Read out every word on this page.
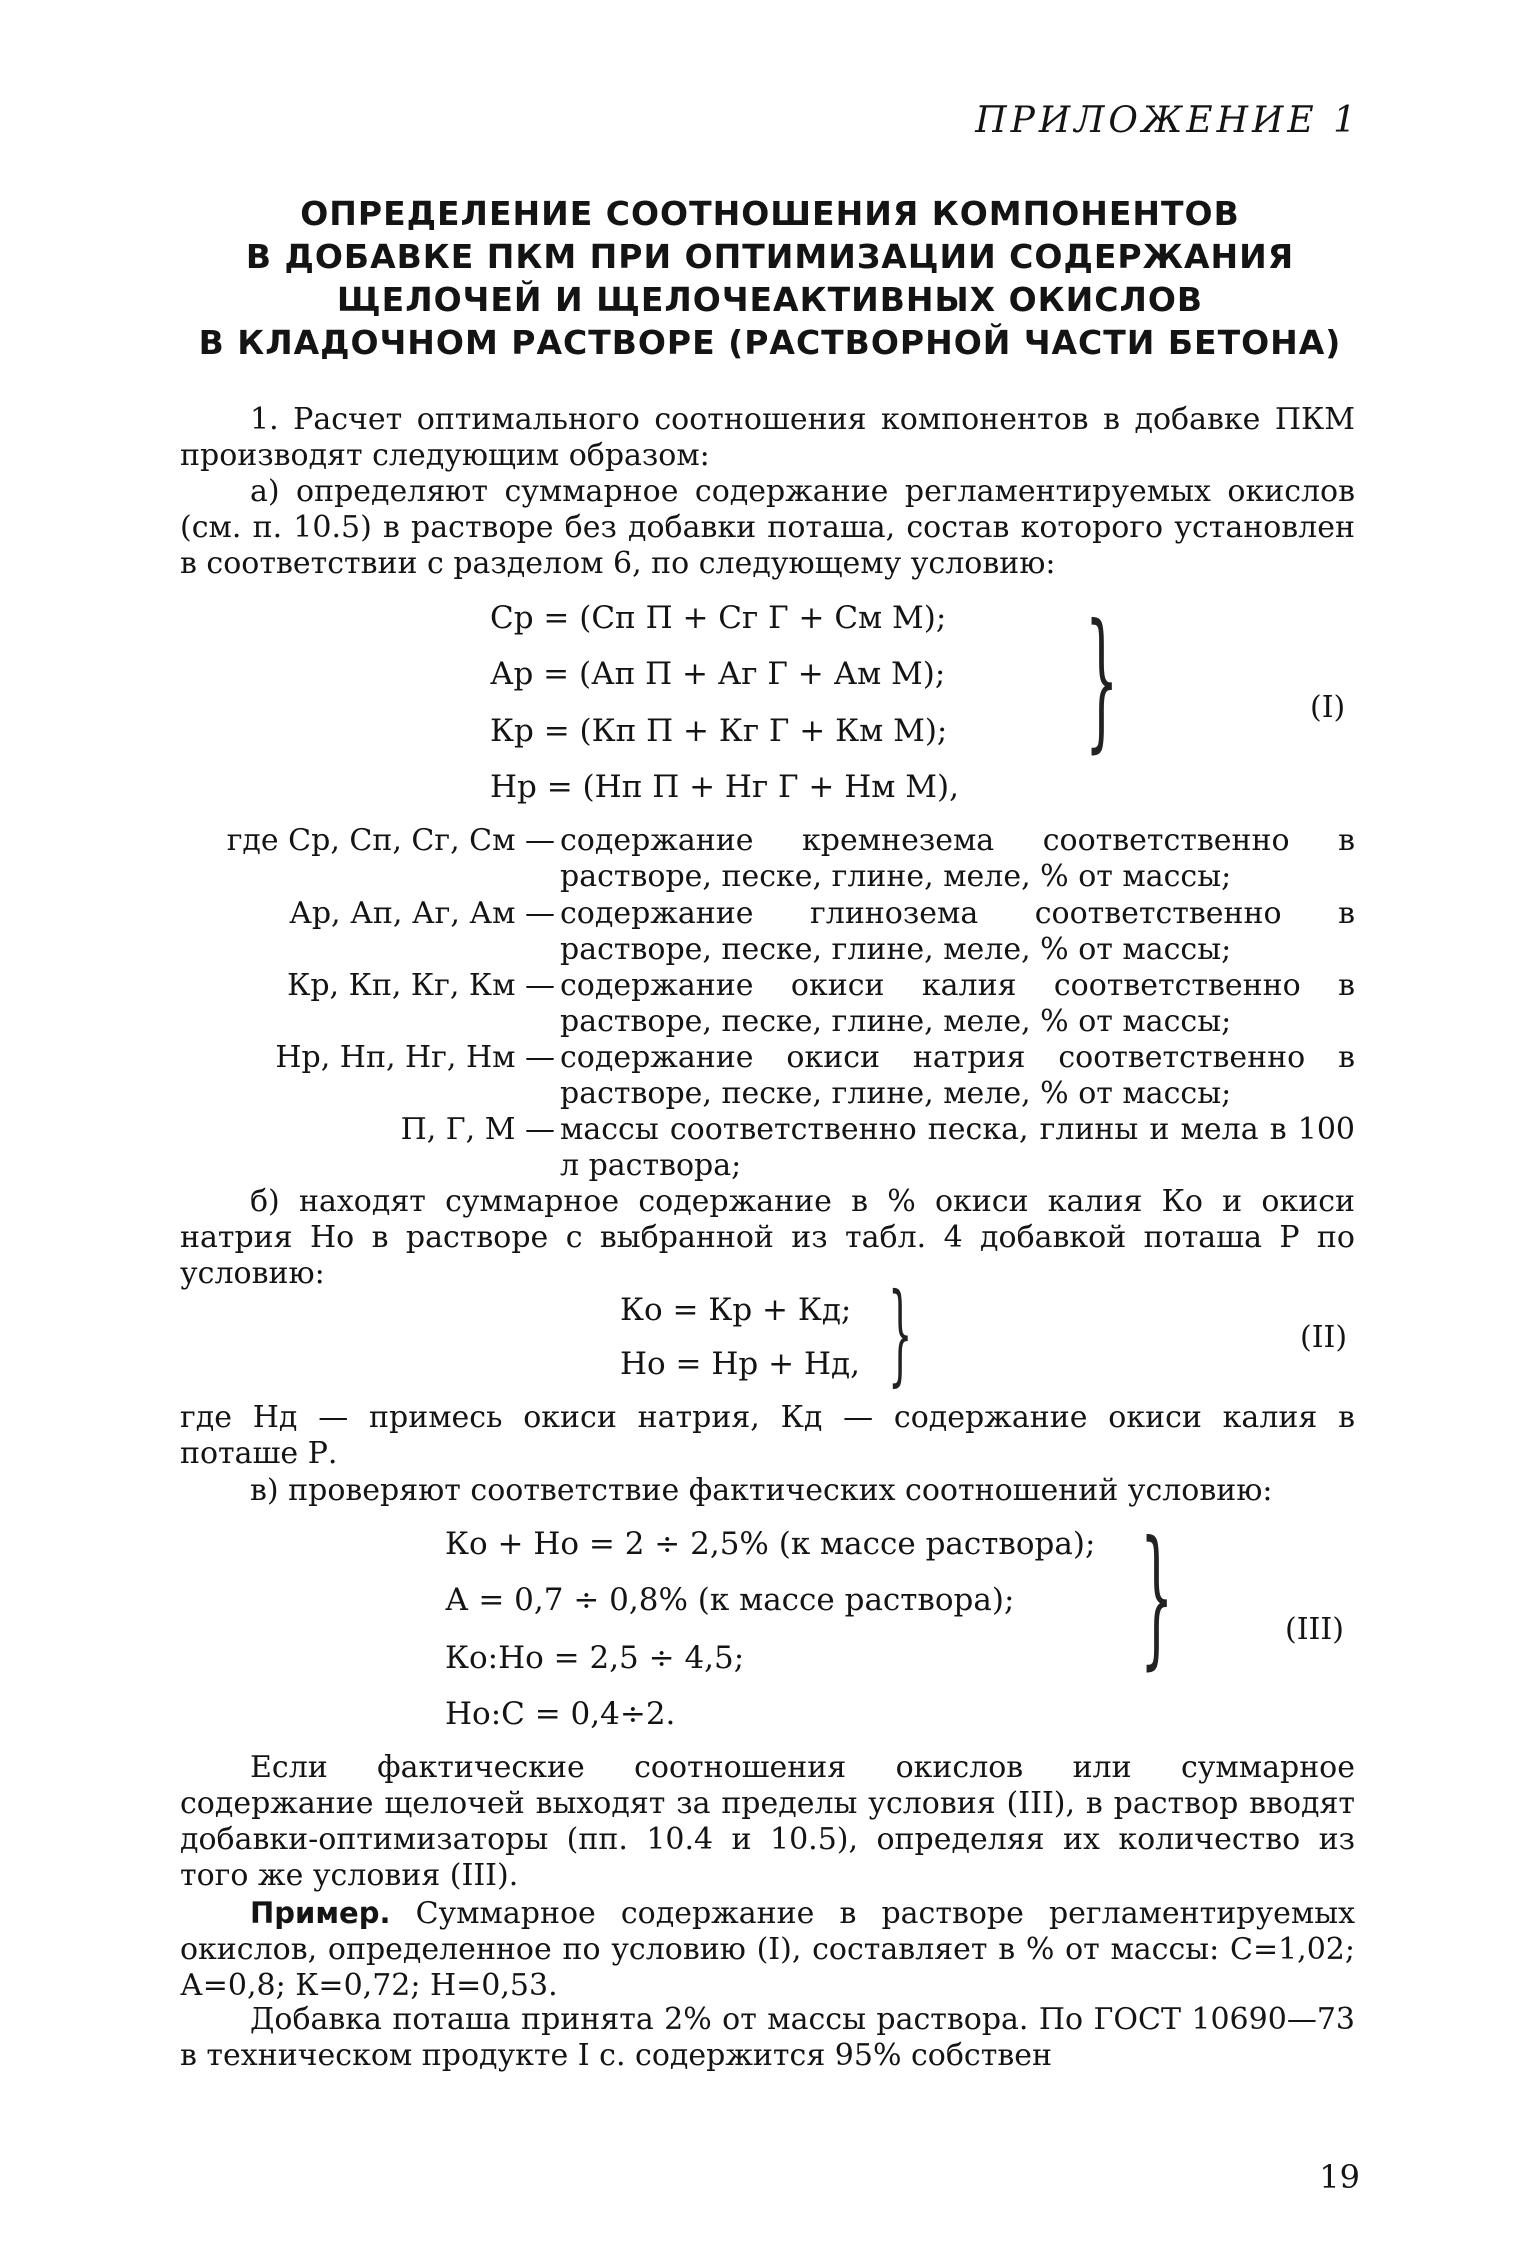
ПРИЛОЖЕНИЕ 1
ОПРЕДЕЛЕНИЕ СООТНОШЕНИЯ КОМПОНЕНТОВ
В ДОБАВКЕ ПКМ ПРИ ОПТИМИЗАЦИИ СОДЕРЖАНИЯ
ЩЕЛОЧЕЙ И ЩЕЛОЧЕАКТИВНЫХ ОКИСЛОВ
В КЛАДОЧНОМ РАСТВОРЕ (РАСТВОРНОЙ ЧАСТИ БЕТОНА)
1. Расчет оптимального соотношения компонентов в добавке ПКМ производят следующим образом:
а) определяют суммарное содержание регламентируемых окислов (см. п. 10.5) в растворе без добавки поташа, состав которого установлен в соответствии с разделом 6, по следующему условию:
Cр = (Cп П + Cг Г + Cм М);
Ар = (Ап П + Аг Г + Ам М);
Кр = (Кп П + Кг Г + Км М);
Нр = (Нп П + Нг Г + Нм М),
}	(I)
где Ср, Сп, Сг, См — содержание кремнезема соответственно в растворе, песке, глине, меле, % от массы;
Ар, Ап, Аг, Ам — содержание глинозема соответственно в растворе, песке, глине, меле, % от массы;
Кр, Кп, Кг, Км — содержание окиси калия соответственно в растворе, песке, глине, меле, % от массы;
Нр, Нп, Нг, Нм — содержание окиси натрия соответственно в растворе, песке, глине, меле, % от массы;
П, Г, М — массы соответственно песка, глины и мела в 100 л раствора;
б) находят суммарное содержание в % окиси калия Ко и окиси натрия Но в растворе с выбранной из табл. 4 добавкой поташа Р по условию:
Ко = Кр + Кд;
Но = Нр + Нд, }	(II)
где Нд — примесь окиси натрия, Кд — содержание окиси калия в поташе Р.
в) проверяют соответствие фактических соотношений условию:
Ко + Но = 2 ÷ 2,5% (к массе раствора);
А = 0,7 ÷ 0,8% (к массе раствора);
Ко:Но = 2,5 ÷ 4,5;
Но:С = 0,4÷2.
}	(III)
Если фактические соотношения окислов или суммарное содержание щелочей выходят за пределы условия (III), в раствор вводят добавки-оптимизаторы (пп. 10.4 и 10.5), определяя их количество из того же условия (III).
Пример. Суммарное содержание в растворе регламентируемых окислов, определенное по условию (I), составляет в % от массы: С=1,02; А=0,8; К=0,72; Н=0,53.
Добавка поташа принята 2% от массы раствора. По ГОСТ 10690—73 в техническом продукте I с. содержится 95% собствен
19
